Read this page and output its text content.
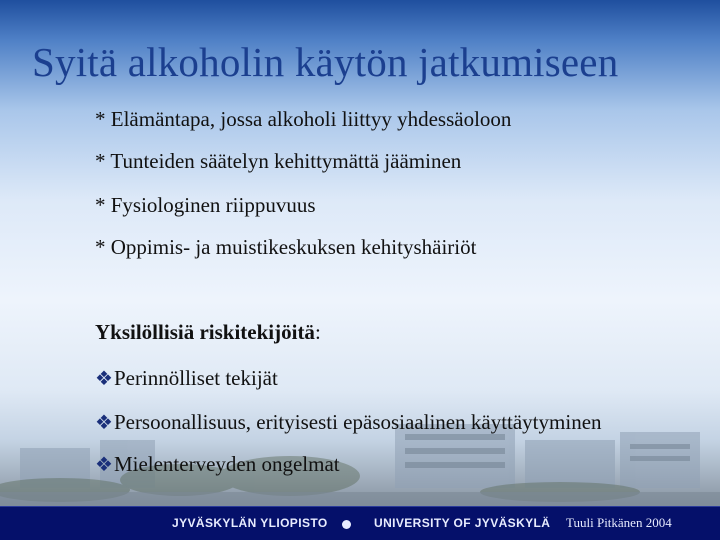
Syitä alkoholin käytön jatkumiseen
* Elämäntapa, jossa alkoholi liittyy yhdessäoloon
* Tunteiden säätelyn kehittymättä jääminen
* Fysiologinen riippuvuus
* Oppimis- ja muistikeskuksen kehityshäiriöt
Yksilöllisiä riskitekijöitä:
❖Perinnölliset tekijät
❖Persoonallisuus, erityisesti epäsosiaalinen käyttäytyminen
❖Mielenterveyden ongelmat
JYVÄSKYLÄN YLIOPISTO	UNIVERSITY OF JYVÄSKYLÄ Tuuli Pitkänen 2004
